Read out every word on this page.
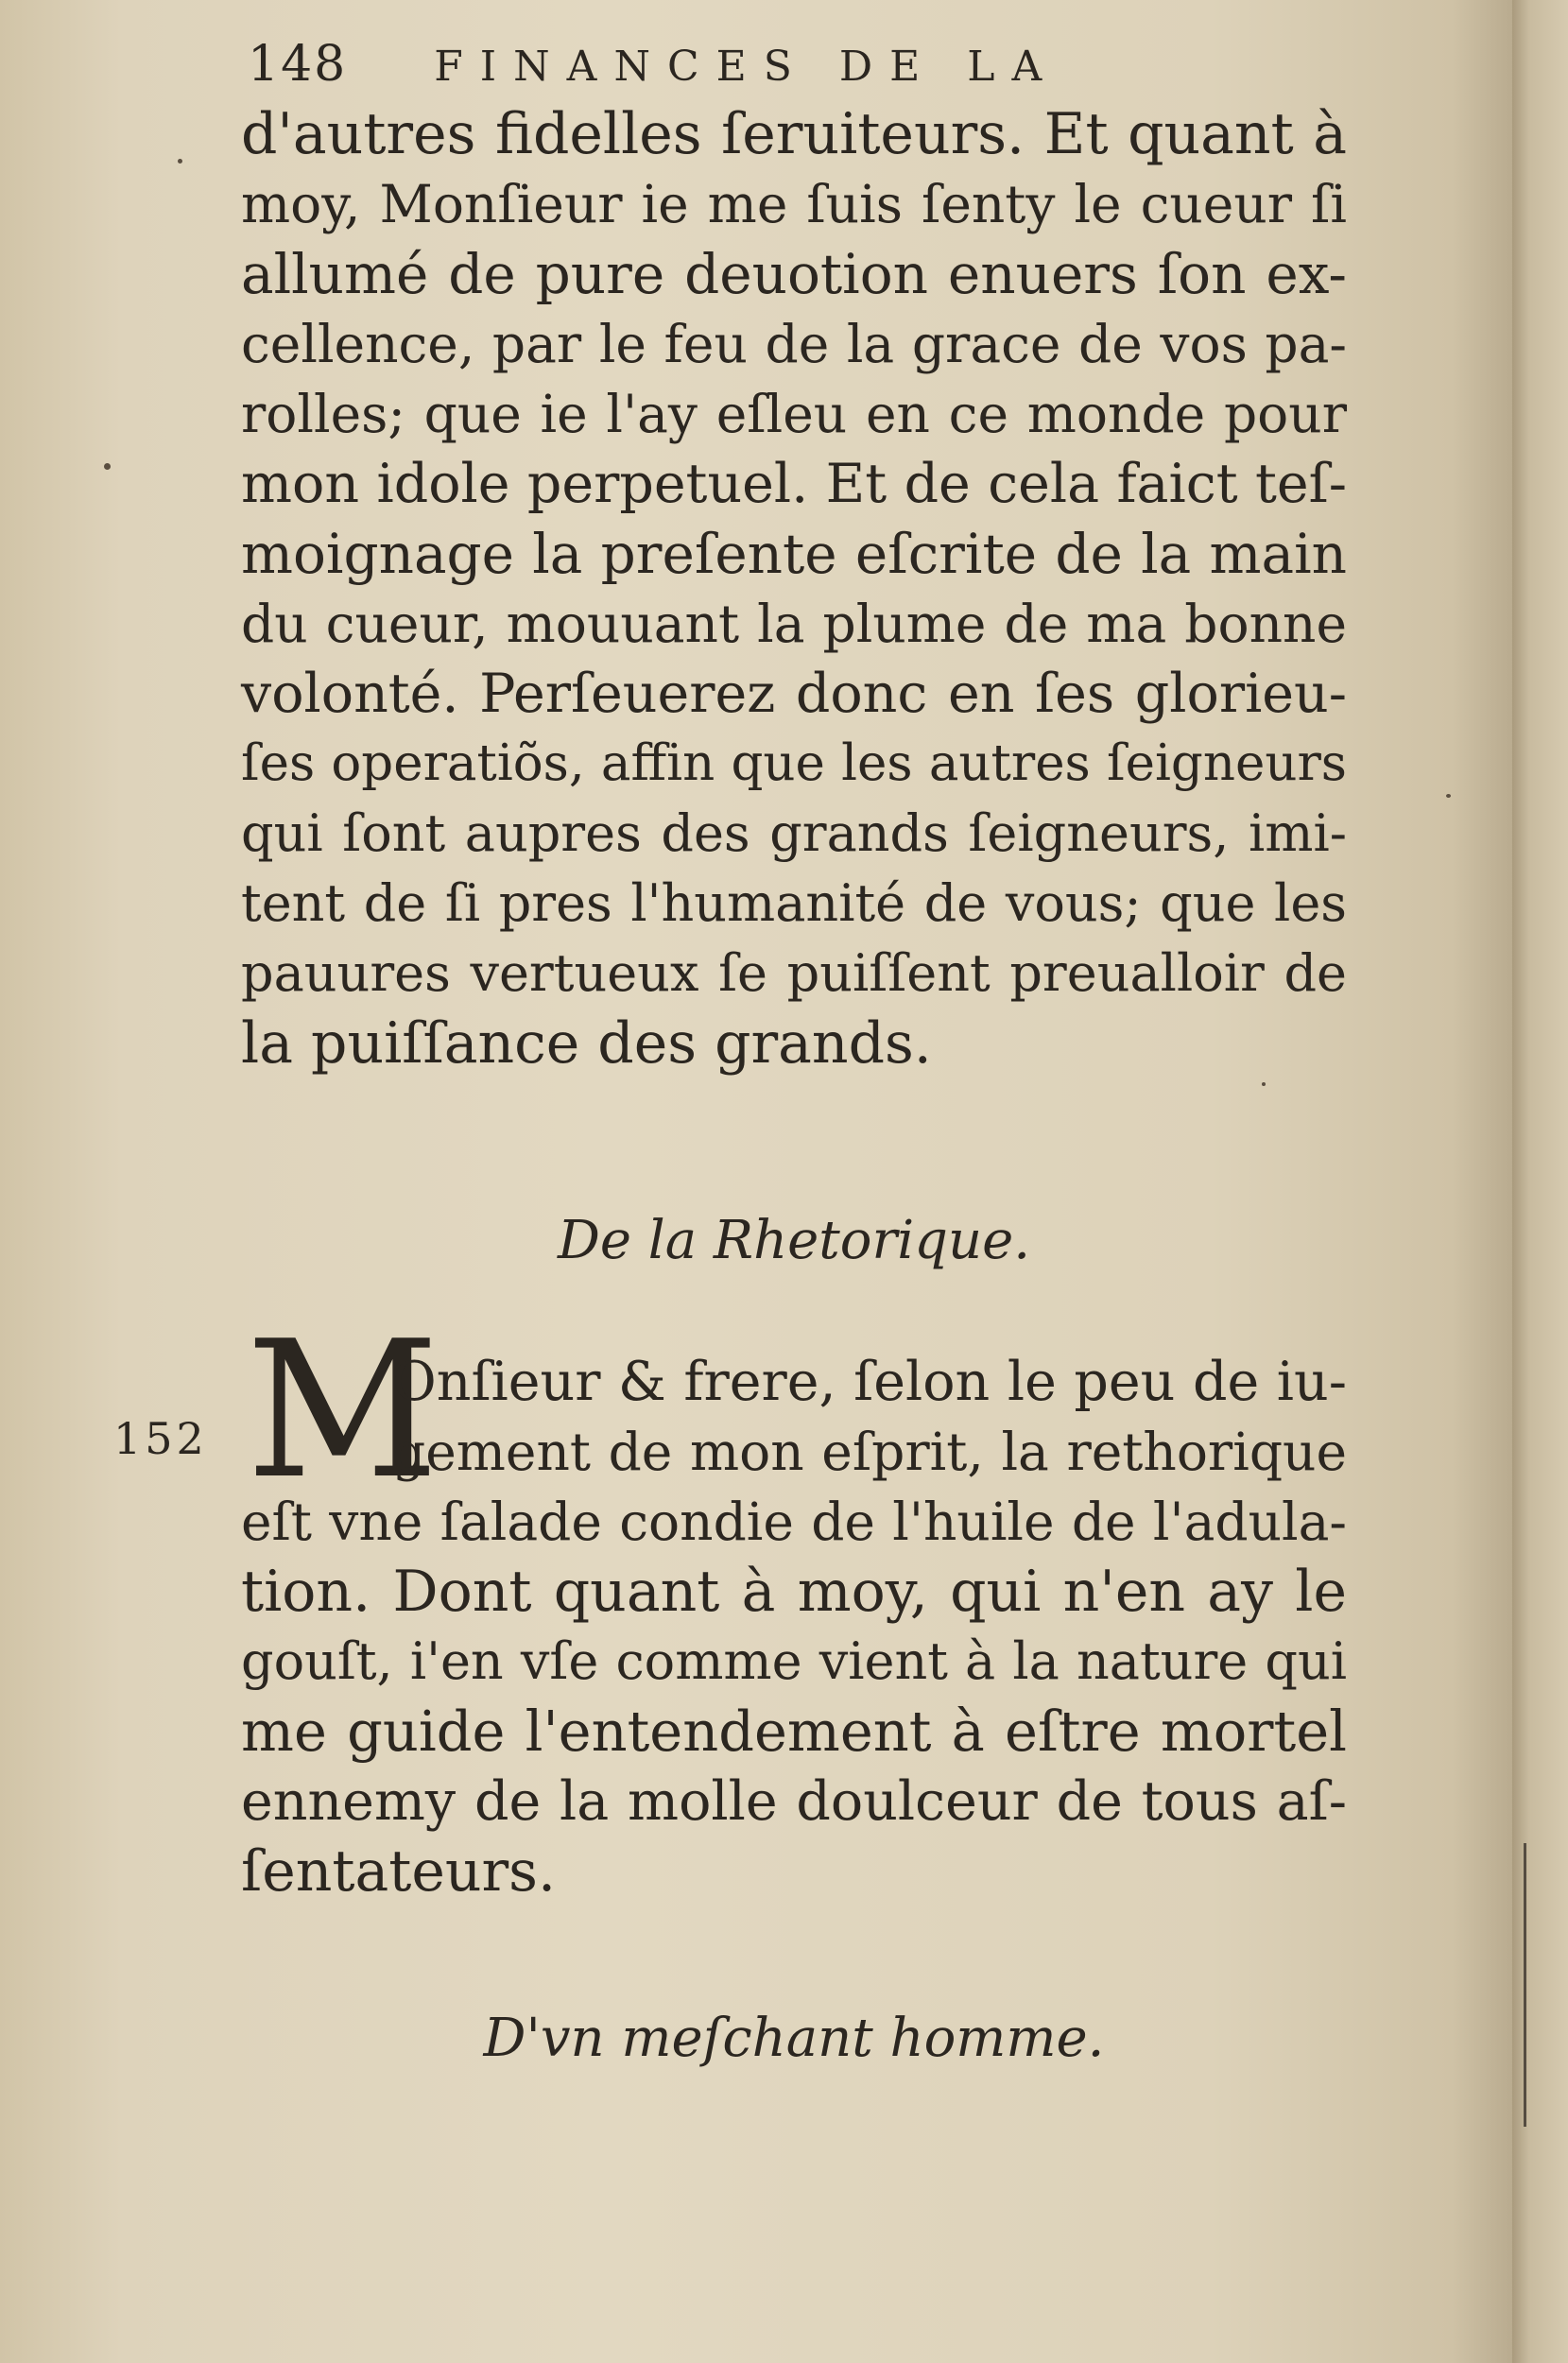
148 FINANCES DE LA
d'autres fidelles ſeruiteurs. Et quant à
moy, Monſieur ie me ſuis ſenty le cueur ſi
allumé de pure deuotion enuers ſon ex-
cellence, par le feu de la grace de vos pa-
rolles; que ie l'ay eſleu en ce monde pour
mon idole perpetuel. Et de cela faict teſ-
moignage la preſente eſcrite de la main
du cueur, mouuant la plume de ma bonne
volonté. Perſeuerez donc en ſes glorieu-
ſes operatiõs, affin que les autres ſeigneurs
qui ſont aupres des grands ſeigneurs, imi-
tent de ſi pres l'humanité de vous; que les
pauures vertueux ſe puiſſent preualloir de
la puiſſance des grands.
De la Rhetorique.
152 M
Onſieur & frere, ſelon le peu de iu-
gement de mon eſprit, la rethorique
eſt vne ſalade condie de l'huile de l'adula-
tion. Dont quant à moy, qui n'en ay le
gouſt, i'en vſe comme vient à la nature qui
me guide l'entendement à eſtre mortel
ennemy de la molle doulceur de tous aſ-
ſentateurs.
D'vn meſchant homme.
